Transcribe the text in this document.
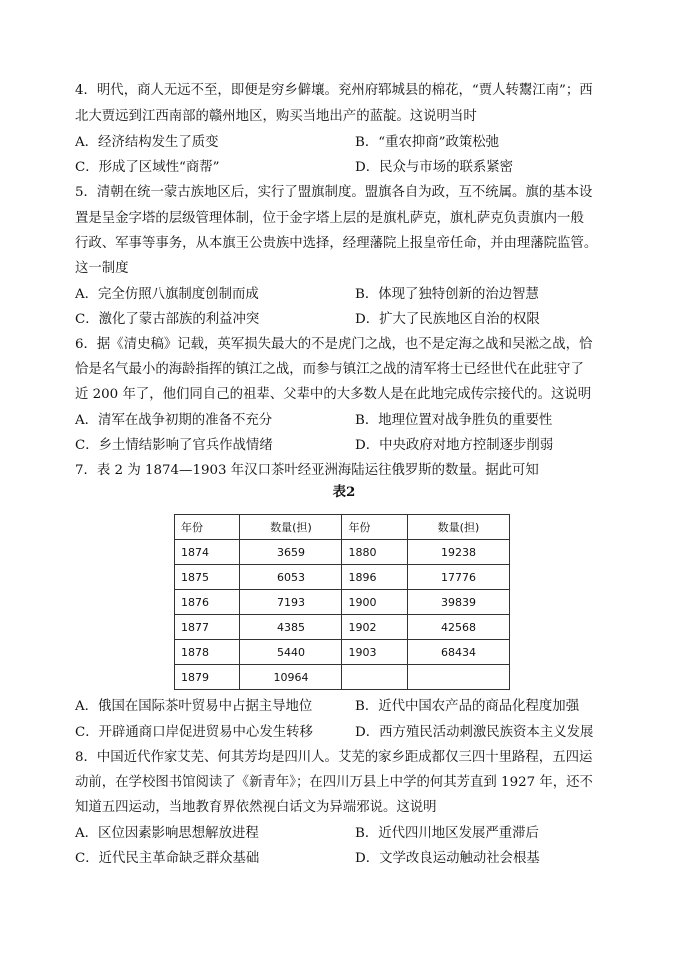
4．明代，商人无远不至，即便是穷乡僻壤。兖州府郓城县的棉花，“贾人转鬻江南”；西
北大贾远到江西南部的赣州地区，购买当地出产的蓝靛。这说明当时
A．经济结构发生了质变	B．“重农抑商”政策松弛
C．形成了区域性“商帮”	D．民众与市场的联系紧密
5．清朝在统一蒙古族地区后，实行了盟旗制度。盟旗各自为政，互不统属。旗的基本设
置是呈金字塔的层级管理体制，位于金字塔上层的是旗札萨克，旗札萨克负责旗内一般
行政、军事等事务，从本旗王公贵族中选择，经理藩院上报皇帝任命，并由理藩院监管。
这一制度
A．完全仿照八旗制度创制而成	B．体现了独特创新的治边智慧
C．激化了蒙古部族的利益冲突	D．扩大了民族地区自治的权限
6．据《清史稿》记载，英军损失最大的不是虎门之战，也不是定海之战和吴淞之战，恰
恰是名气最小的海龄指挥的镇江之战，而参与镇江之战的清军将士已经世代在此驻守了
近 200 年了，他们同自己的祖辈、父辈中的大多数人是在此地完成传宗接代的。这说明
A．清军在战争初期的准备不充分	B．地理位置对战争胜负的重要性
C．乡土情结影响了官兵作战情绪	D．中央政府对地方控制逐步削弱
7．表 2 为 1874—1903 年汉口茶叶经亚洲海陆运往俄罗斯的数量。据此可知
表2
年份	数量(担)	年份	数量(担)
1874	3659	1880	19238
1875	6053	1896	17776
1876	7193	1900	39839
1877	4385	1902	42568
1878	5440	1903	68434
1879	10964		
A．俄国在国际茶叶贸易中占据主导地位	B．近代中国农产品的商品化程度加强
C．开辟通商口岸促进贸易中心发生转移	D．西方殖民活动刺激民族资本主义发展
8．中国近代作家艾芜、何其芳均是四川人。艾芜的家乡距成都仅三四十里路程，五四运
动前，在学校图书馆阅读了《新青年》；在四川万县上中学的何其芳直到 1927 年，还不
知道五四运动，当地教育界依然视白话文为异端邪说。这说明
A．区位因素影响思想解放进程	B．近代四川地区发展严重滞后
C．近代民主革命缺乏群众基础	D．文学改良运动触动社会根基
